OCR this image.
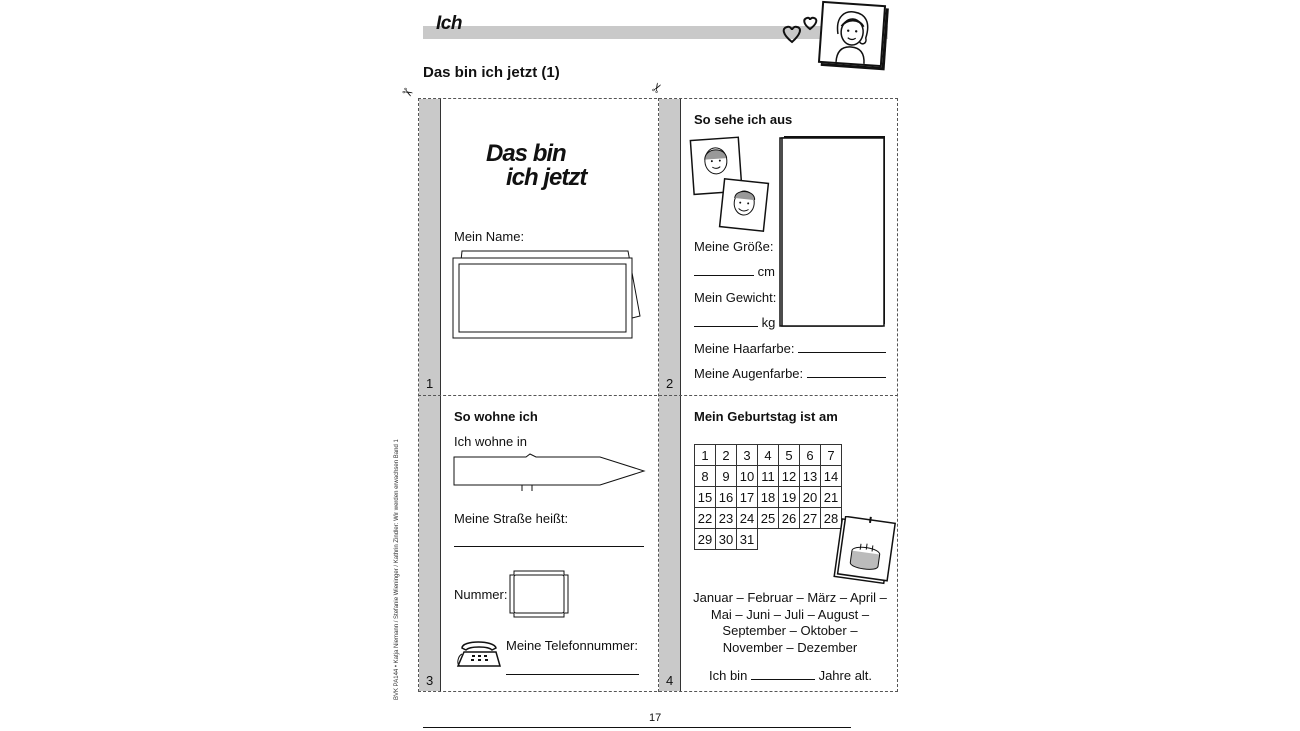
Ich
Das bin ich jetzt (1)
✂	✂
Das bin
ich jetzt
Mein Name:
1
So sehe ich aus
Meine Größe:
cm
Mein Gewicht:
kg
Meine Haarfarbe:
Meine Augenfarbe:
2
So wohne ich
Ich wohne in
Meine Straße heißt:
Nummer:
Meine Telefonnummer:
3
Mein Geburtstag ist am
1	2	3	4	5	6	7
8	9	10	11	12	13	14
15	16	17	18	19	20	21
22	23	24	25	26	27	28
29	30	31				
Januar – Februar – März – April –
Mai – Juni – Juli – August –
September – Oktober –
November – Dezember
Ich bin	Jahre alt.
4
BVK PA144 • Katja Niemann / Stefanie Wieninger / Kathrin Zindler: Wir werden erwachsen Band 1
17
